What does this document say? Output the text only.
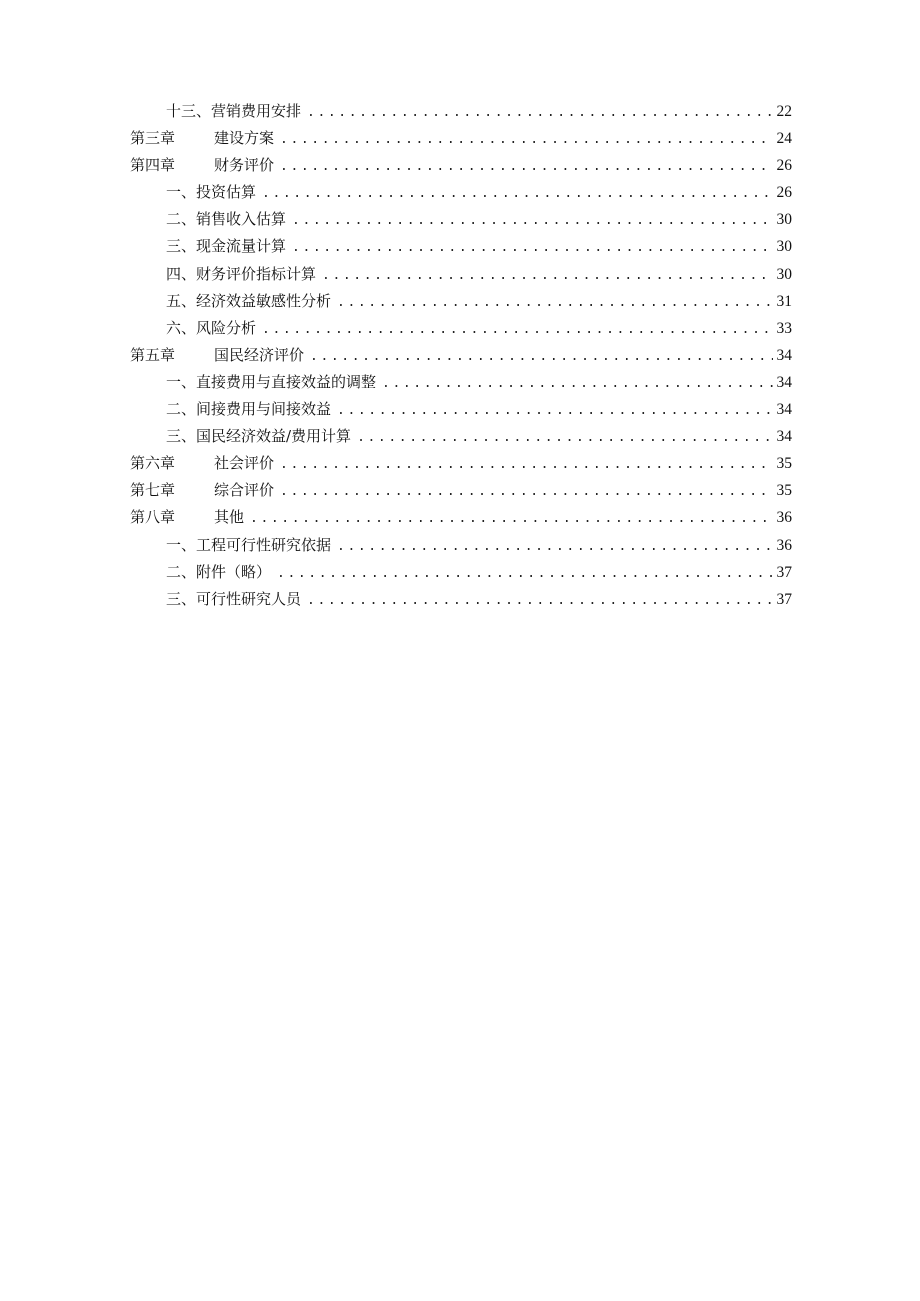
十三、营销费用安排 .....	22
第三章	建设方案 .....	24
第四章	财务评价 .....	26
一、投资估算 .....	26
二、销售收入估算 .....	30
三、现金流量计算 .....	30
四、财务评价指标计算 .....	30
五、经济效益敏感性分析 .....	31
六、风险分析 .....	33
第五章	国民经济评价 .....	34
一、直接费用与直接效益的调整 .....	34
二、间接费用与间接效益 .....	34
三、国民经济效益/费用计算 .....	34
第六章	社会评价 .....	35
第七章	综合评价 .....	35
第八章	其他 .....	36
一、工程可行性研究依据 .....	36
二、附件（略） .....	37
三、可行性研究人员 .....	37
